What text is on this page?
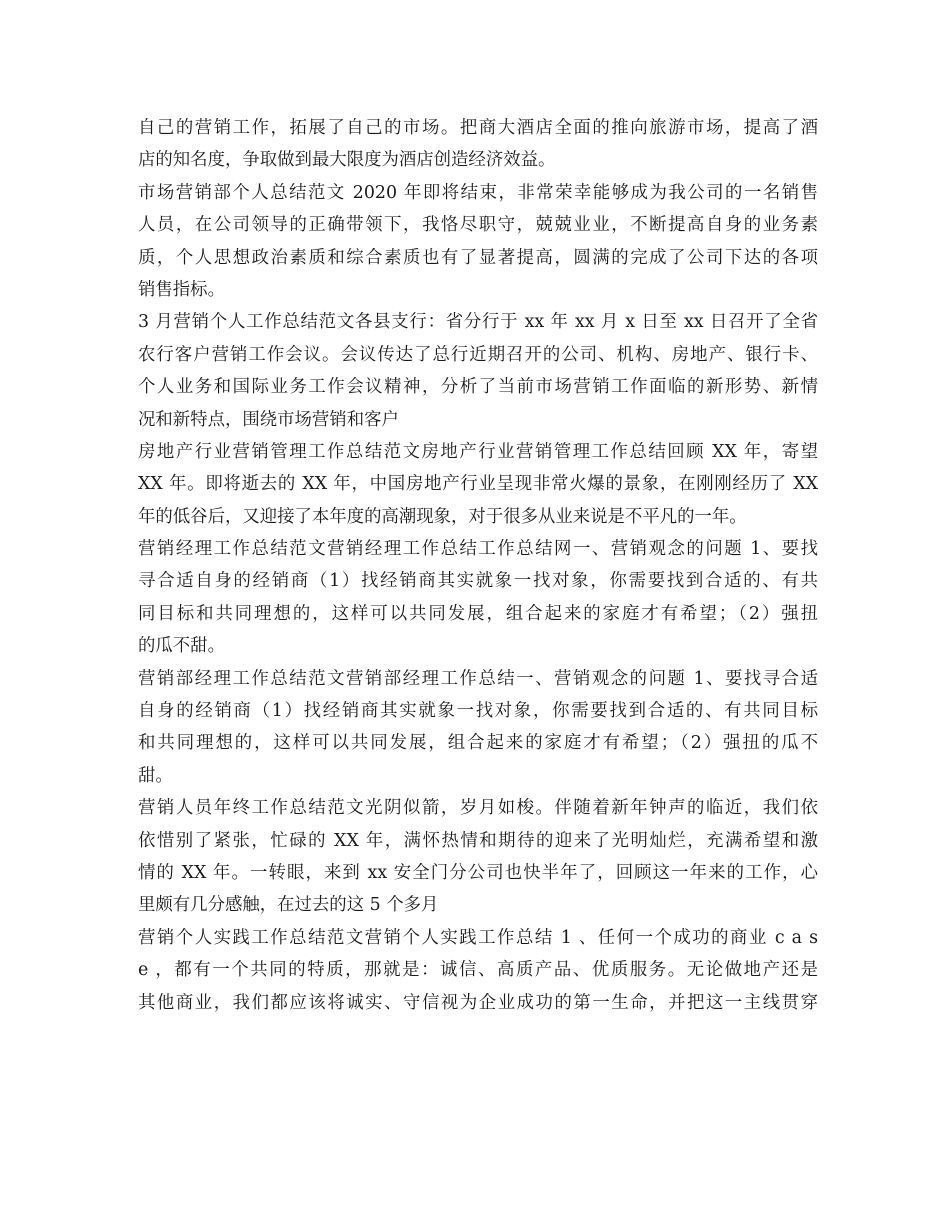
自己的营销工作，拓展了自己的市场。把商大酒店全面的推向旅游市场，提高了酒
店的知名度，争取做到最大限度为酒店创造经济效益。
市场营销部个人总结范文 2020 年即将结束，非常荣幸能够成为我公司的一名销售
人员，在公司领导的正确带领下，我恪尽职守，兢兢业业，不断提高自身的业务素
质，个人思想政治素质和综合素质也有了显著提高，圆满的完成了公司下达的各项
销售指标。
3 月营销个人工作总结范文各县支行：省分行于 xx 年 xx 月 x 日至 xx 日召开了全省
农行客户营销工作会议。会议传达了总行近期召开的公司、机构、房地产、银行卡、
个人业务和国际业务工作会议精神，分析了当前市场营销工作面临的新形势、新情
况和新特点，围绕市场营销和客户
房地产行业营销管理工作总结范文房地产行业营销管理工作总结回顾 XX 年，寄望
XX 年。即将逝去的 XX 年，中国房地产行业呈现非常火爆的景象，在刚刚经历了 XX
年的低谷后，又迎接了本年度的高潮现象，对于很多从业来说是不平凡的一年。
营销经理工作总结范文营销经理工作总结工作总结网一、营销观念的问题 1、要找
寻合适自身的经销商（1）找经销商其实就象一找对象，你需要找到合适的、有共
同目标和共同理想的，这样可以共同发展，组合起来的家庭才有希望；（2）强扭
的瓜不甜。
营销部经理工作总结范文营销部经理工作总结一、营销观念的问题 1、要找寻合适
自身的经销商（1）找经销商其实就象一找对象，你需要找到合适的、有共同目标
和共同理想的，这样可以共同发展，组合起来的家庭才有希望；（2）强扭的瓜不
甜。
营销人员年终工作总结范文光阴似箭，岁月如梭。伴随着新年钟声的临近，我们依
依惜别了紧张，忙碌的 XX 年，满怀热情和期待的迎来了光明灿烂，充满希望和激
情的 XX 年。一转眼，来到 xx 安全门分公司也快半年了，回顾这一年来的工作，心
里颇有几分感触，在过去的这 5 个多月
营销个人实践工作总结范文营销个人实践工作总结 1 、任何一个成功的商业 c a s
e ，都有一个共同的特质，那就是：诚信、高质产品、优质服务。无论做地产还是
其他商业，我们都应该将诚实、守信视为企业成功的第一生命，并把这一主线贯穿
